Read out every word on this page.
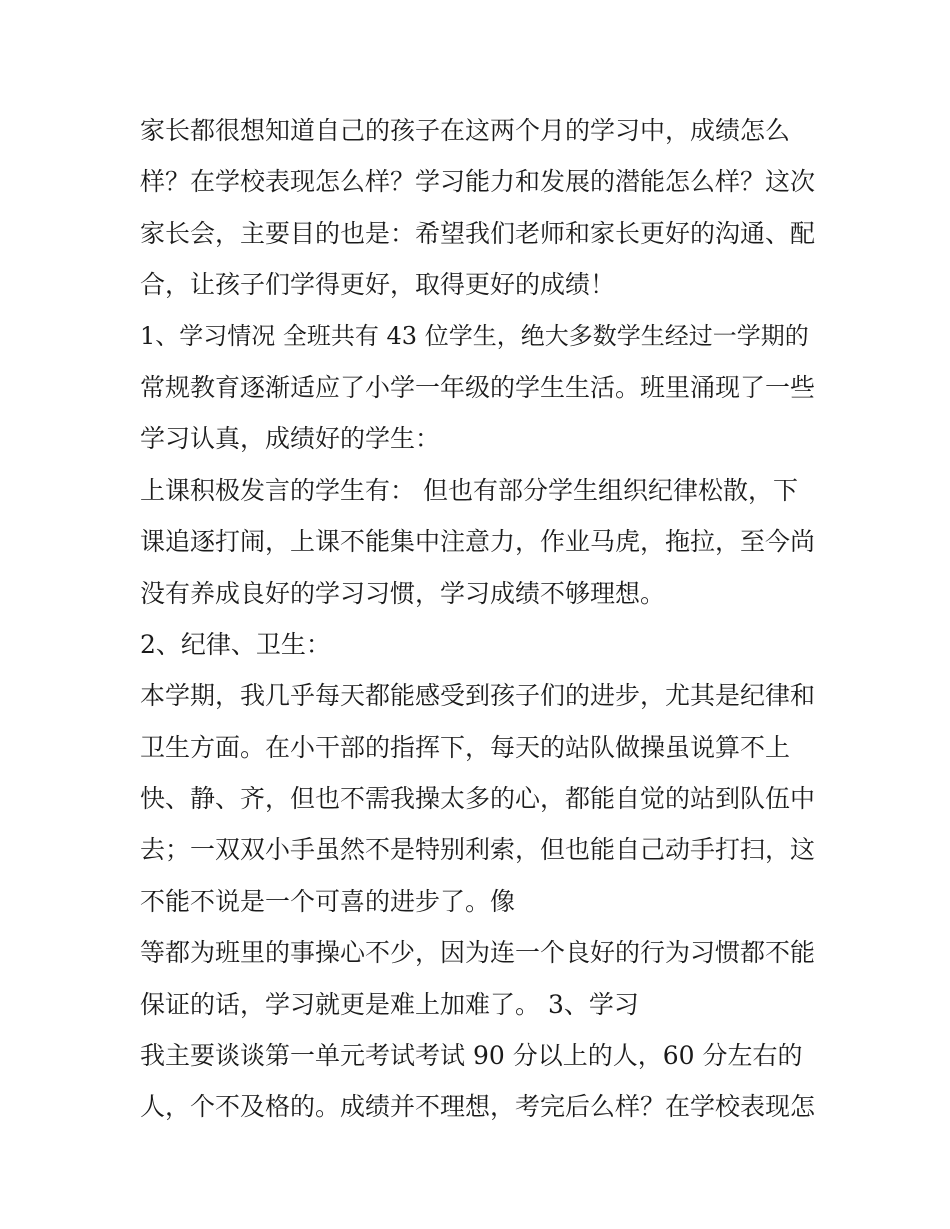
家长都很想知道自己的孩子在这两个月的学习中，成绩怎么
样？在学校表现怎么样？学习能力和发展的潜能怎么样？这次
家长会，主要目的也是：希望我们老师和家长更好的沟通、配
合，让孩子们学得更好，取得更好的成绩！
1、学习情况 全班共有 43 位学生，绝大多数学生经过一学期的
常规教育逐渐适应了小学一年级的学生生活。班里涌现了一些
学习认真，成绩好的学生：
上课积极发言的学生有： 但也有部分学生组织纪律松散，下
课追逐打闹，上课不能集中注意力，作业马虎，拖拉，至今尚
没有养成良好的学习习惯，学习成绩不够理想。
2、纪律、卫生：
本学期，我几乎每天都能感受到孩子们的进步，尤其是纪律和
卫生方面。在小干部的指挥下，每天的站队做操虽说算不上
快、静、齐，但也不需我操太多的心，都能自觉的站到队伍中
去；一双双小手虽然不是特别利索，但也能自己动手打扫，这
不能不说是一个可喜的进步了。像
等都为班里的事操心不少，因为连一个良好的行为习惯都不能
保证的话，学习就更是难上加难了。 3、学习
我主要谈谈第一单元考试考试 90 分以上的人，60 分左右的
人，个不及格的。成绩并不理想，考完后么样？在学校表现怎
